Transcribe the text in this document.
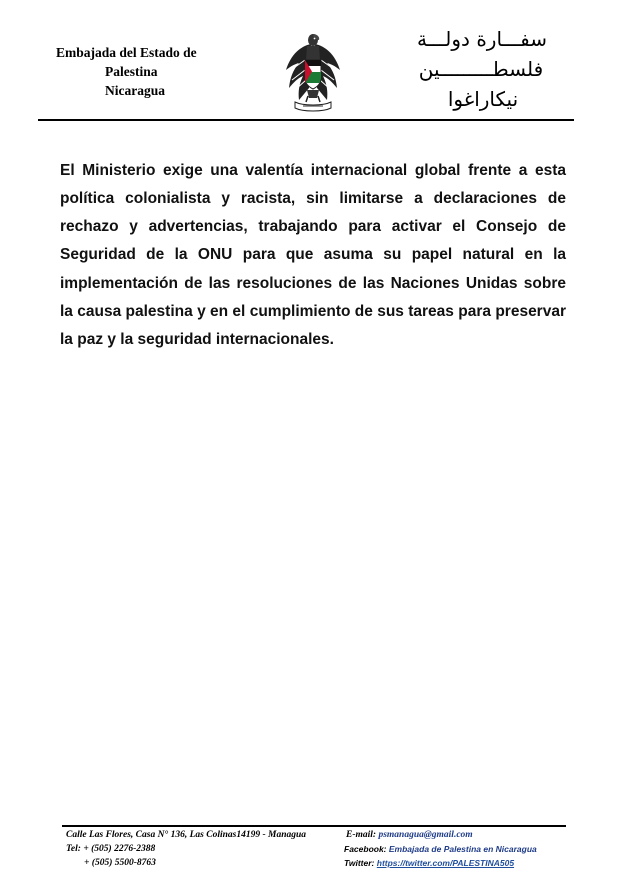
Embajada del Estado de
Palestina
Nicaragua
سفـــارة دولـــة
فلسطـــــــــين
نيكاراغوا

El Ministerio exige una valentía internacional global frente a esta política colonialista y racista, sin limitarse a declaraciones de rechazo y advertencias, trabajando para activar el Consejo de Seguridad de la ONU para que asuma su papel natural en la implementación de las resoluciones de las Naciones Unidas sobre la causa palestina y en el cumplimiento de sus tareas para preservar la paz y la seguridad internacionales.

Calle Las Flores, Casa N° 136, Las Colinas14199 - Managua
Tel: + (505) 2276-2388
+ (505) 5500-8763
E-mail: psmanagua@gmail.com
Facebook: Embajada de Palestina en Nicaragua
Twitter: https://twitter.com/PALESTINA505
